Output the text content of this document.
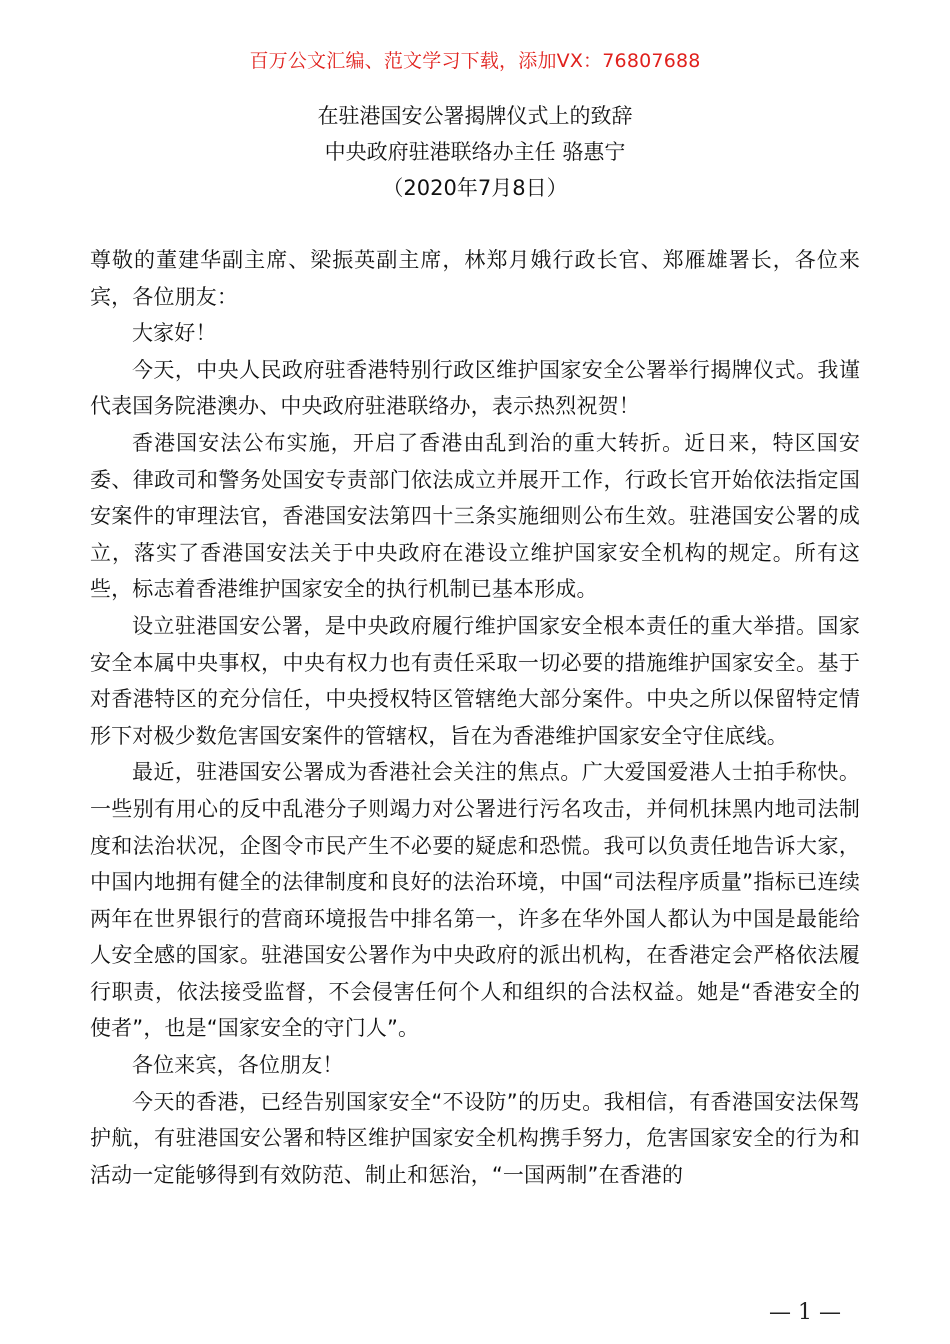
百万公文汇编、范文学习下载，添加VX：76807688
在驻港国安公署揭牌仪式上的致辞
中央政府驻港联络办主任 骆惠宁
（2020年7月8日）

尊敬的董建华副主席、梁振英副主席，林郑月娥行政长官、郑雁雄署长，各位来宾，各位朋友：

大家好！

今天，中央人民政府驻香港特别行政区维护国家安全公署举行揭牌仪式。我谨代表国务院港澳办、中央政府驻港联络办，表示热烈祝贺！

香港国安法公布实施，开启了香港由乱到治的重大转折。近日来，特区国安委、律政司和警务处国安专责部门依法成立并展开工作，行政长官开始依法指定国安案件的审理法官，香港国安法第四十三条实施细则公布生效。驻港国安公署的成立，落实了香港国安法关于中央政府在港设立维护国家安全机构的规定。所有这些，标志着香港维护国家安全的执行机制已基本形成。

设立驻港国安公署，是中央政府履行维护国家安全根本责任的重大举措。国家安全本属中央事权，中央有权力也有责任采取一切必要的措施维护国家安全。基于对香港特区的充分信任，中央授权特区管辖绝大部分案件。中央之所以保留特定情形下对极少数危害国安案件的管辖权，旨在为香港维护国家安全守住底线。

最近，驻港国安公署成为香港社会关注的焦点。广大爱国爱港人士拍手称快。一些别有用心的反中乱港分子则竭力对公署进行污名攻击，并伺机抹黑内地司法制度和法治状况，企图令市民产生不必要的疑虑和恐慌。我可以负责任地告诉大家，中国内地拥有健全的法律制度和良好的法治环境，中国“司法程序质量”指标已连续两年在世界银行的营商环境报告中排名第一，许多在华外国人都认为中国是最能给人安全感的国家。驻港国安公署作为中央政府的派出机构，在香港定会严格依法履行职责，依法接受监督，不会侵害任何个人和组织的合法权益。她是“香港安全的使者”，也是“国家安全的守门人”。

各位来宾，各位朋友！

今天的香港，已经告别国家安全“不设防”的历史。我相信，有香港国安法保驾护航，有驻港国安公署和特区维护国家安全机构携手努力，危害国家安全的行为和活动一定能够得到有效防范、制止和惩治，“一国两制”在香港的

— 1 —
